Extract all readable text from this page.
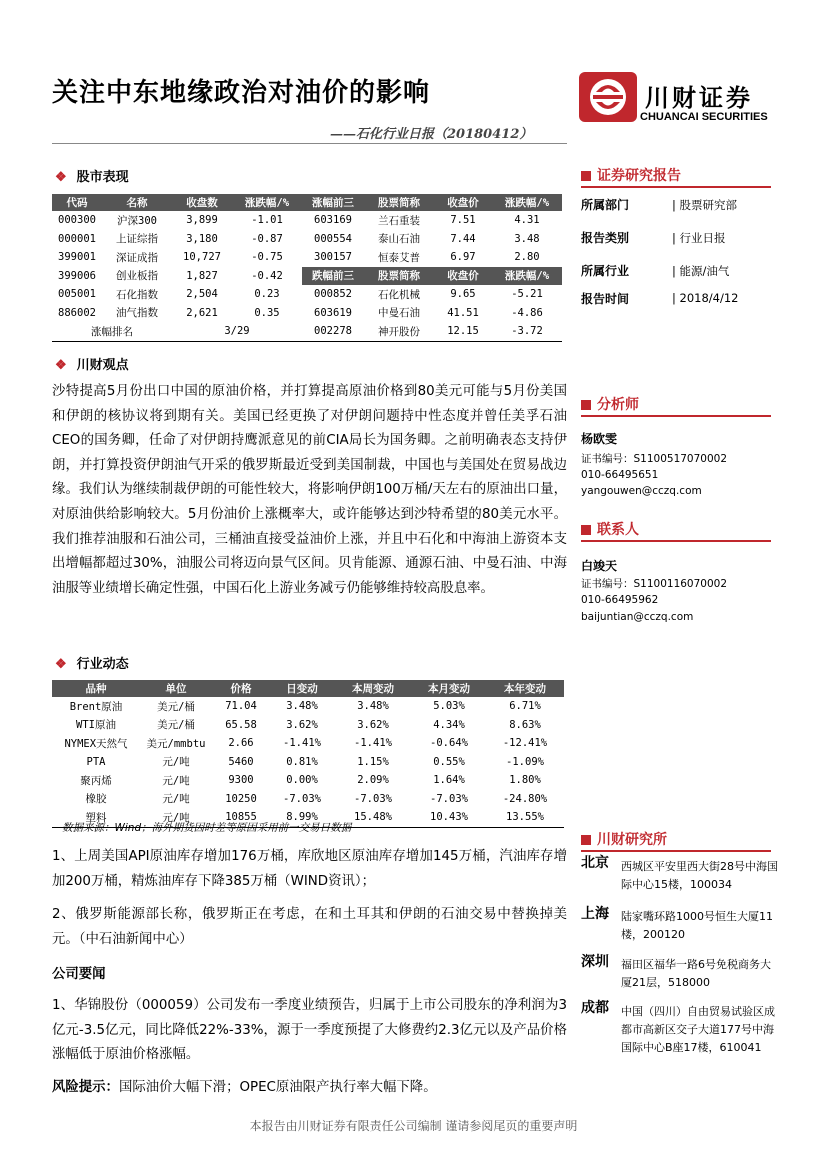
关注中东地缘政治对油价的影响
——石化行业日报（20180412）
川财证券
CHUANCAI SECURITIES
❖ 股市表现
代码	名称	收盘数	涨跌幅/%	涨幅前三	股票简称	收盘价	涨跌幅/%
000300	沪深300	3,899	-1.01	603169	兰石重装	7.51	4.31
000001	上证综指	3,180	-0.87	000554	泰山石油	7.44	3.48
399001	深证成指	10,727	-0.75	300157	恒泰艾普	6.97	2.80
399006	创业板指	1,827	-0.42	跌幅前三	股票简称	收盘价	涨跌幅/%
005001	石化指数	2,504	0.23	000852	石化机械	9.65	-5.21
886002	油气指数	2,621	0.35	603619	中曼石油	41.51	-4.86
涨幅排名		3/29		002278	神开股份	12.15	-3.72
❖ 川财观点
沙特提高5月份出口中国的原油价格，并打算提高原油价格到80美元可能与5月份美国和伊朗的核协议将到期有关。美国已经更换了对伊朗问题持中性态度并曾任美孚石油CEO的国务卿，任命了对伊朗持鹰派意见的前CIA局长为国务卿。之前明确表态支持伊朗，并打算投资伊朗油气开采的俄罗斯最近受到美国制裁，中国也与美国处在贸易战边缘。我们认为继续制裁伊朗的可能性较大，将影响伊朗100万桶/天左右的原油出口量，对原油供给影响较大。5月份油价上涨概率大，或许能够达到沙特希望的80美元水平。我们推荐油服和石油公司，三桶油直接受益油价上涨，并且中石化和中海油上游资本支出增幅都超过30%，油服公司将迈向景气区间。贝肯能源、通源石油、中曼石油、中海油服等业绩增长确定性强，中国石化上游业务减亏仍能够维持较高股息率。
❖ 行业动态
品种	单位	价格	日变动	本周变动	本月变动	本年变动
Brent原油	美元/桶	71.04	3.48%	3.48%	5.03%	6.71%
WTI原油	美元/桶	65.58	3.62%	3.62%	4.34%	8.63%
NYMEX天然气	美元/mmbtu	2.66	-1.41%	-1.41%	-0.64%	-12.41%
PTA	元/吨	5460	0.81%	1.15%	0.55%	-1.09%
聚丙烯	元/吨	9300	0.00%	2.09%	1.64%	1.80%
橡胶	元/吨	10250	-7.03%	-7.03%	-7.03%	-24.80%
塑料	元/吨	10855	8.99%	15.48%	10.43%	13.55%
数据来源：Wind；海外期货因时差等原因采用前一交易日数据
1、上周美国API原油库存增加176万桶，库欣地区原油库存增加145万桶，汽油库存增加200万桶，精炼油库存下降385万桶（WIND资讯）；
2、俄罗斯能源部长称，俄罗斯正在考虑，在和土耳其和伊朗的石油交易中替换掉美元。（中石油新闻中心）
公司要闻
1、华锦股份（000059）公司发布一季度业绩预告，归属于上市公司股东的净利润为3亿元-3.5亿元，同比降低22%-33%，源于一季度预提了大修费约2.3亿元以及产品价格涨幅低于原油价格涨幅。
风险提示：国际油价大幅下滑；OPEC原油限产执行率大幅下降。
证券研究报告
所属部门	| 股票研究部
报告类别	| 行业日报
所属行业	| 能源/油气
报告时间	| 2018/4/12
分析师
杨欧雯
证书编号：S1100517070002
010-66495651
yangouwen@cczq.com
联系人
白竣天
证书编号：S1100116070002
010-66495962
baijuntian@cczq.com
川财研究所
北京 西城区平安里西大街28号中海国际中心15楼，100034
上海 陆家嘴环路1000号恒生大厦11楼，200120
深圳 福田区福华一路6号免税商务大厦21层，518000
成都 中国（四川）自由贸易试验区成都市高新区交子大道177号中海国际中心B座17楼，610041
本报告由川财证券有限责任公司编制 谨请参阅尾页的重要声明
